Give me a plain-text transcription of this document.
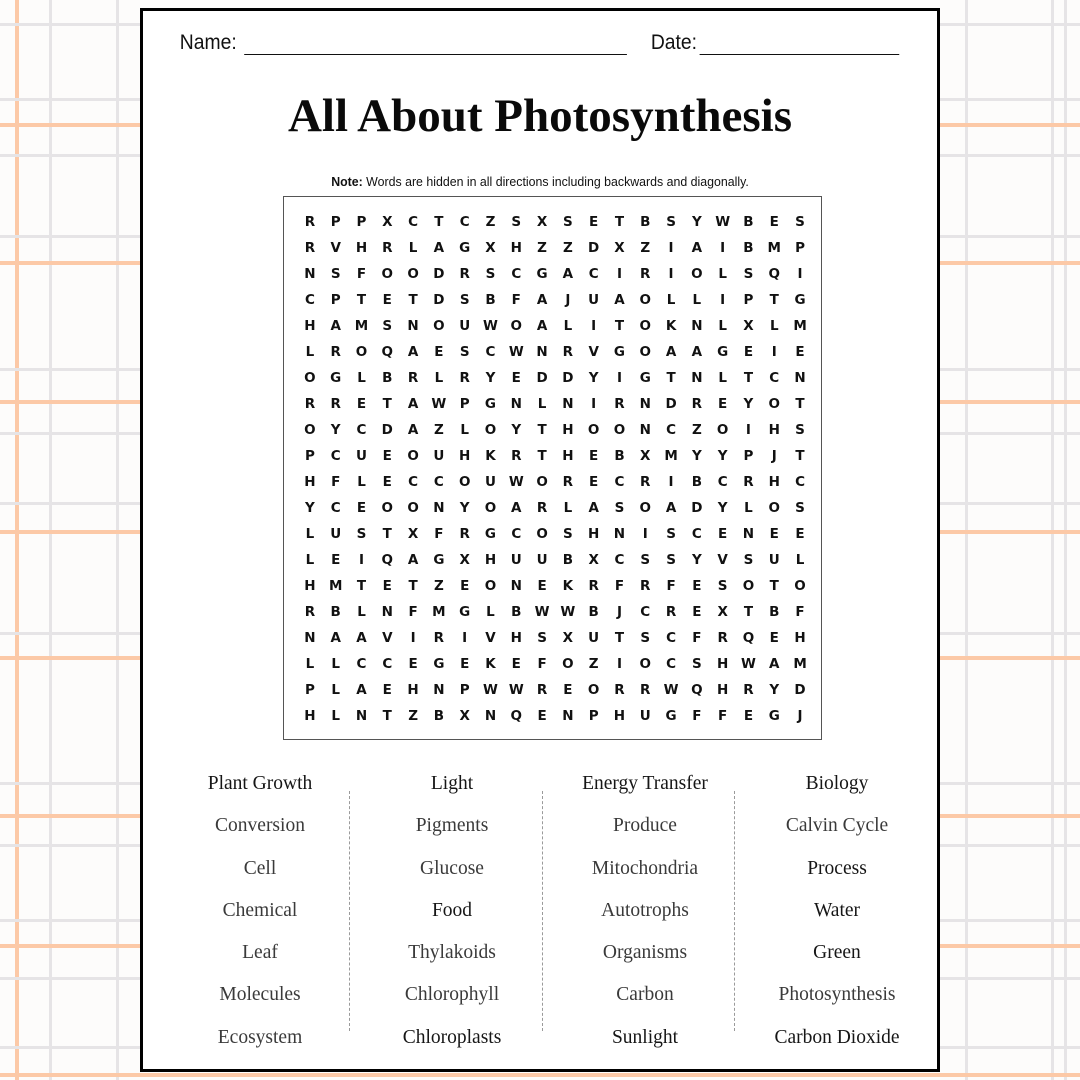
Name:	Date:
All About Photosynthesis
Note: Words are hidden in all directions including backwards and diagonally.
R	P	P	X	C	T	C	Z	S	X	S	E	T	B	S	Y W B	E	S
R	V	H	R	L	A	G	X	H	Z	Z	D	X	Z	I	A	I	B	M	P
N	S	F	O	O	D	R	S	C	G	A	C	I	R	I	O	L	S	Q	I
C	P	T	E	T	D	S	B	F	A	J	U	A	O	L	L	I	P	T	G
H	A	M	S	N	O	U W O	A	L	I	T	O	K	N	L	X	L	M
L	R	O	Q	A	E	S	C W N	R	V	G	O	A	A	G	E	I	E
O	G	L	B	R	L	R	Y	E	D	D	Y	I	G	T	N	L	T	C	N
R	R	E	T	A W P	G	N	L	N	I	R	N	D	R	E	Y	O	T
O	Y	C	D	A	Z	L	O	Y	T	H	O	O	N	C	Z	O	I	H	S
P	C	U	E	O	U	H	K	R	T	H	E	B	X	M	Y	Y	P	J	T
H	F	L	E	C	C	O	U W O	R	E	C	R	I	B	C	R	H	C
Y	C	E	O	O	N	Y	O	A	R	L	A	S	O	A	D	Y	L	O	S
L	U	S	T	X	F	R	G	C	O	S	H	N	I	S	C	E	N	E	E
L	E	I	Q	A	G	X	H	U	U	B	X	C	S	S	Y	V	S	U	L
H M	T	E	T	Z	E	O	N	E	K	R	F	R	F	E	S	O	T	O
R	B	L	N	F	M	G	L	B W W B	J	C	R	E	X	T	B	F
N	A	A	V	I	R	I	V	H	S	X	U	T	S	C	F	R	Q	E	H
L	L	C	C	E	G	E	K	E	F	O	Z	I	O	C	S	H W A	M
P	L	A	E	H	N	P W W R	E	O	R	R W Q	H	R	Y	D
H	L	N	T	Z	B	X	N	Q	E	N	P	H	U	G	F	F	E	G	J
Plant Growth
Conversion
Cell
Chemical
Leaf
Molecules
Ecosystem
Light
Pigments
Glucose
Food
Thylakoids
Chlorophyll
Chloroplasts
Energy Transfer
Produce
Mitochondria
Autotrophs
Organisms
Carbon
Sunlight
Biology
Calvin Cycle
Process
Water
Green
Photosynthesis
Carbon Dioxide
